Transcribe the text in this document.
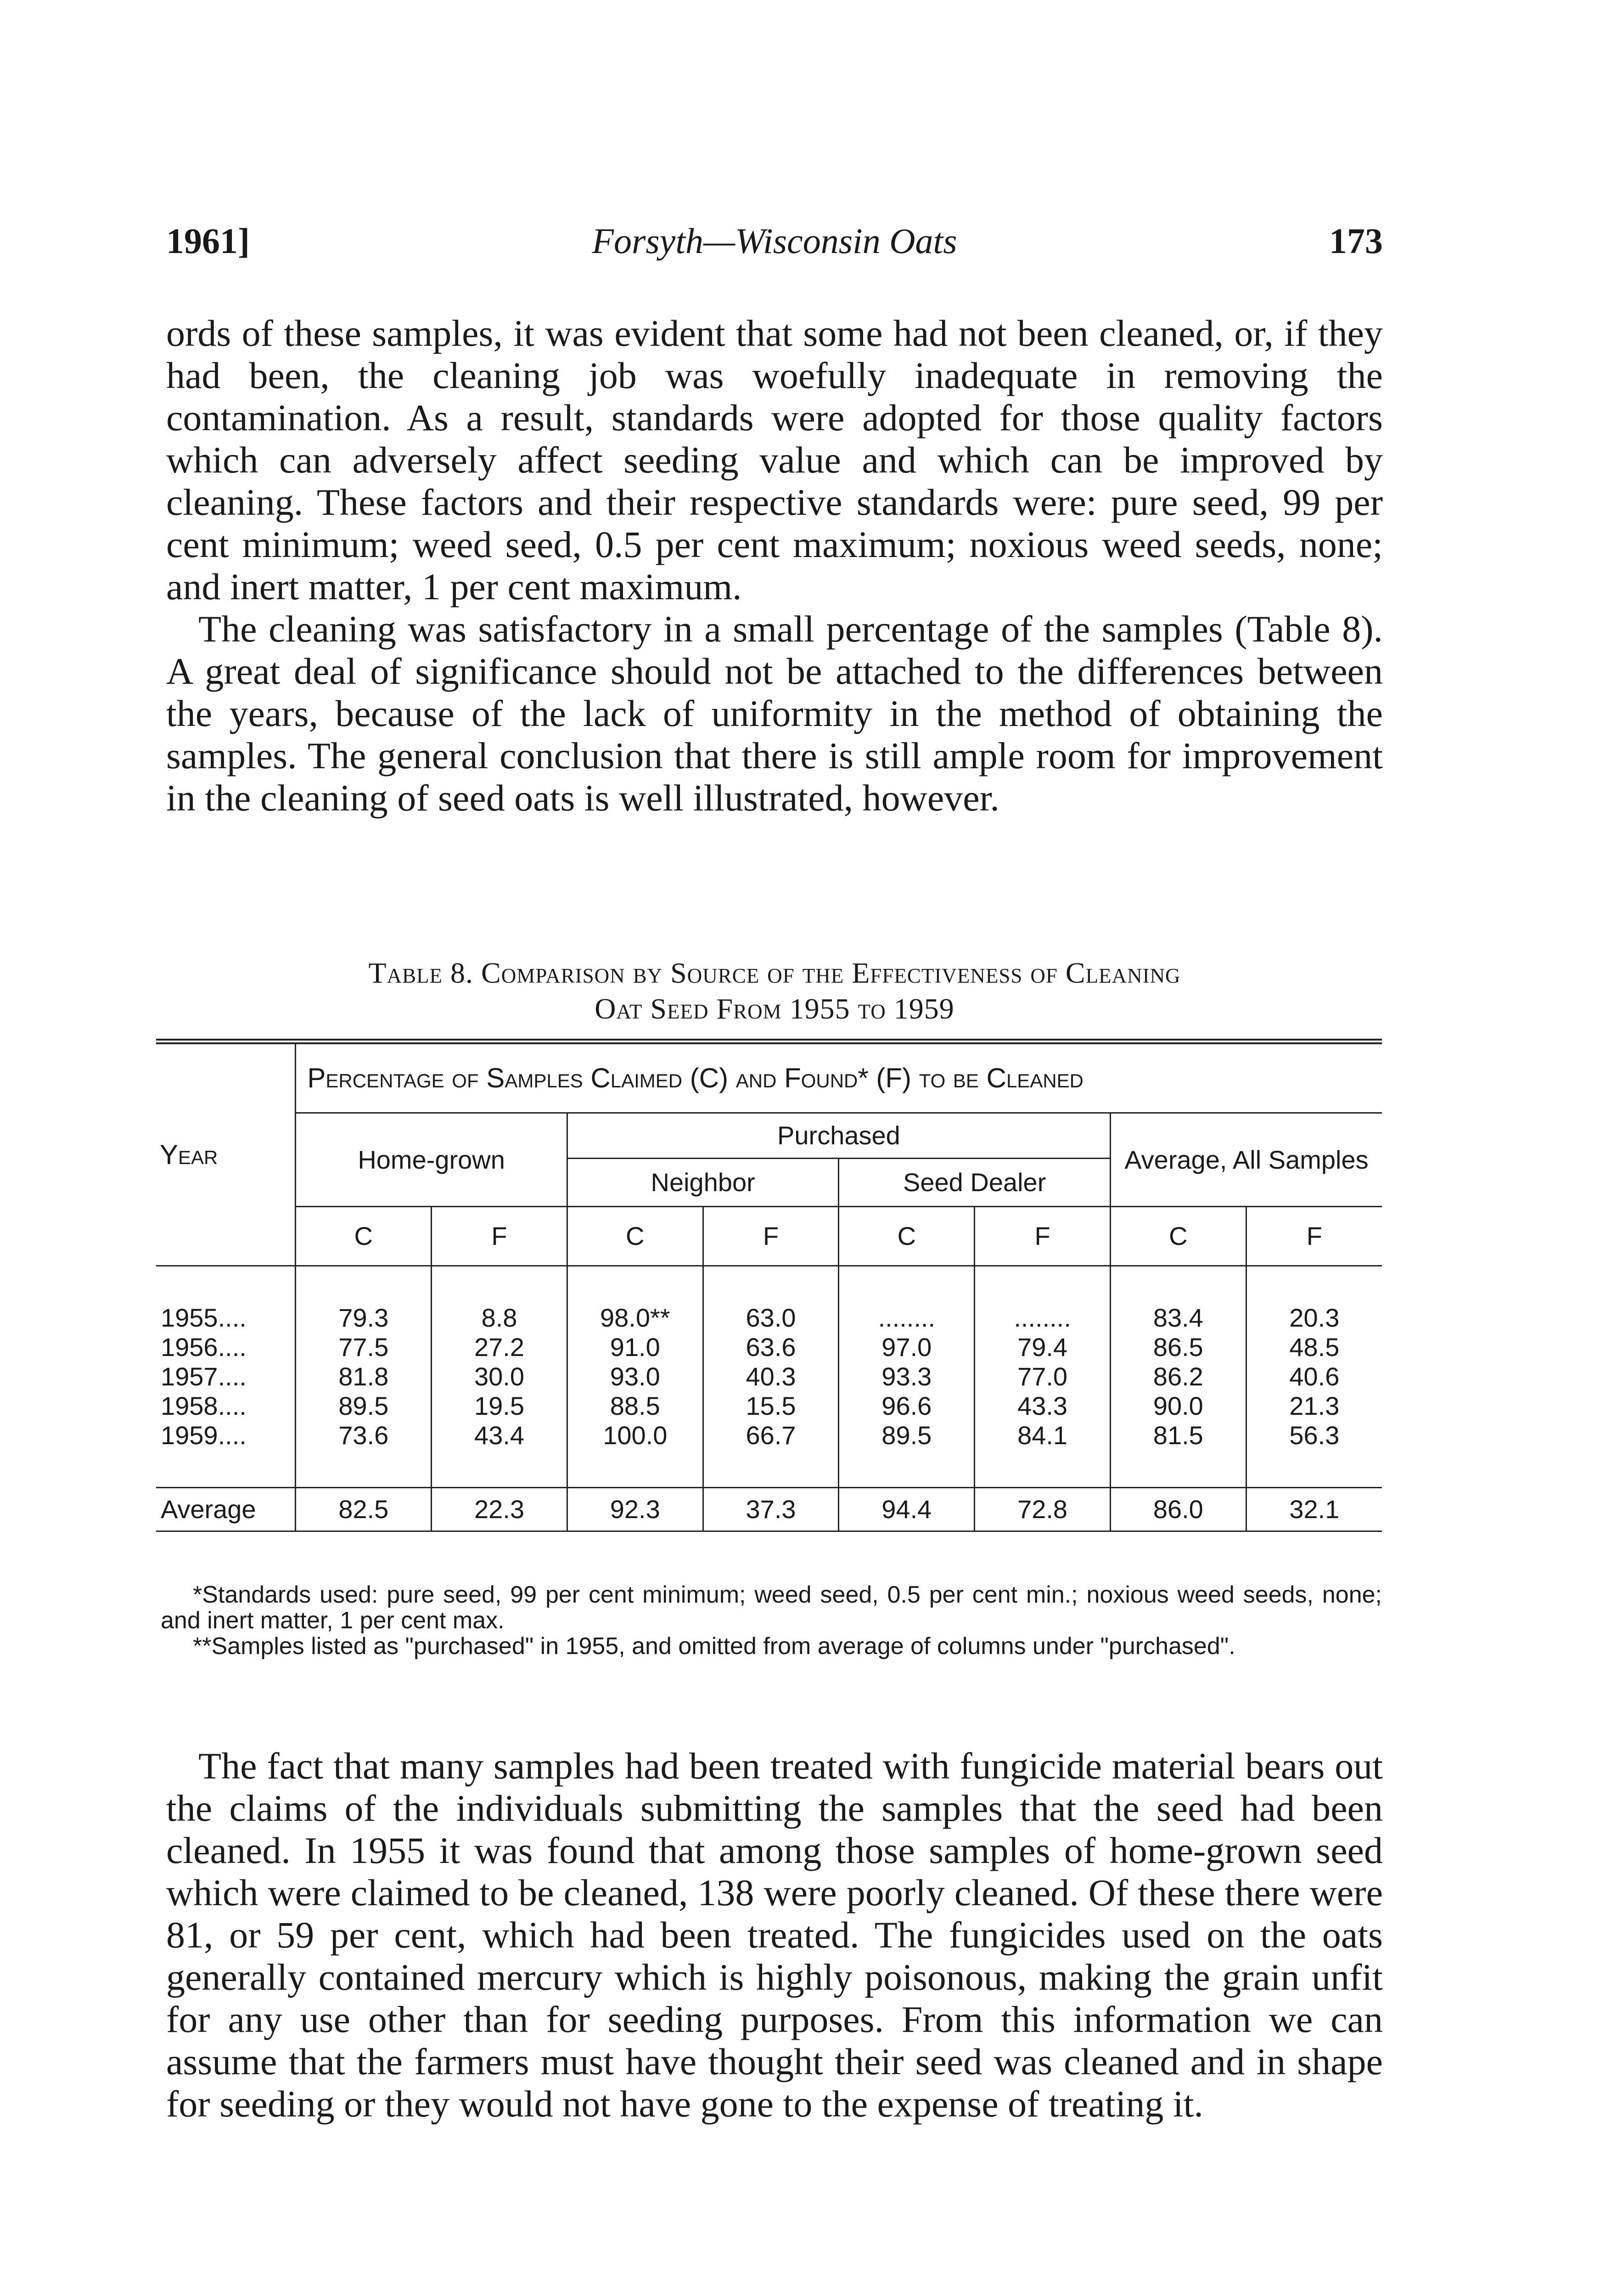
1961]	Forsyth—Wisconsin Oats	173

ords of these samples, it was evident that some had not been cleaned, or, if they had been, the cleaning job was woefully inadequate in removing the contamination. As a result, standards were adopted for those quality factors which can adversely affect seeding value and which can be improved by cleaning. These factors and their respective standards were: pure seed, 99 per cent minimum; weed seed, 0.5 per cent maximum; noxious weed seeds, none; and inert matter, 1 per cent maximum.

The cleaning was satisfactory in a small percentage of the samples (Table 8). A great deal of significance should not be attached to the differences between the years, because of the lack of uniformity in the method of obtaining the samples. The general conclusion that there is still ample room for improvement in the cleaning of seed oats is well illustrated, however.

Table 8. Comparison by Source of the Effectiveness of Cleaning
Oat Seed From 1955 to 1959
Year	Percentage of Samples Claimed (C) and Found* (F) to be Cleaned							
	Home-grown		Purchased				Average, All Samples	
			Neighbor		Seed Dealer			
	C	F	C	F	C	F	C	F

1955....	79.3	8.8	98.0**	63.0	........	........	83.4	20.3
1956....	77.5	27.2	91.0	63.6	97.0	79.4	86.5	48.5
1957....	81.8	30.0	93.0	40.3	93.3	77.0	86.2	40.6
1958....	89.5	19.5	88.5	15.5	96.6	43.3	90.0	21.3
1959....	73.6	43.4	100.0	66.7	89.5	84.1	81.5	56.3

Average	82.5	22.3	92.3	37.3	94.4	72.8	86.0	32.1

*Standards used: pure seed, 99 per cent minimum; weed seed, 0.5 per cent min.; noxious weed seeds, none; and inert matter, 1 per cent max.

**Samples listed as "purchased" in 1955, and omitted from average of columns under "purchased".

The fact that many samples had been treated with fungicide material bears out the claims of the individuals submitting the samples that the seed had been cleaned. In 1955 it was found that among those samples of home-grown seed which were claimed to be cleaned, 138 were poorly cleaned. Of these there were 81, or 59 per cent, which had been treated. The fungicides used on the oats generally contained mercury which is highly poisonous, making the grain unfit for any use other than for seeding purposes. From this information we can assume that the farmers must have thought their seed was cleaned and in shape for seeding or they would not have gone to the expense of treating it.
